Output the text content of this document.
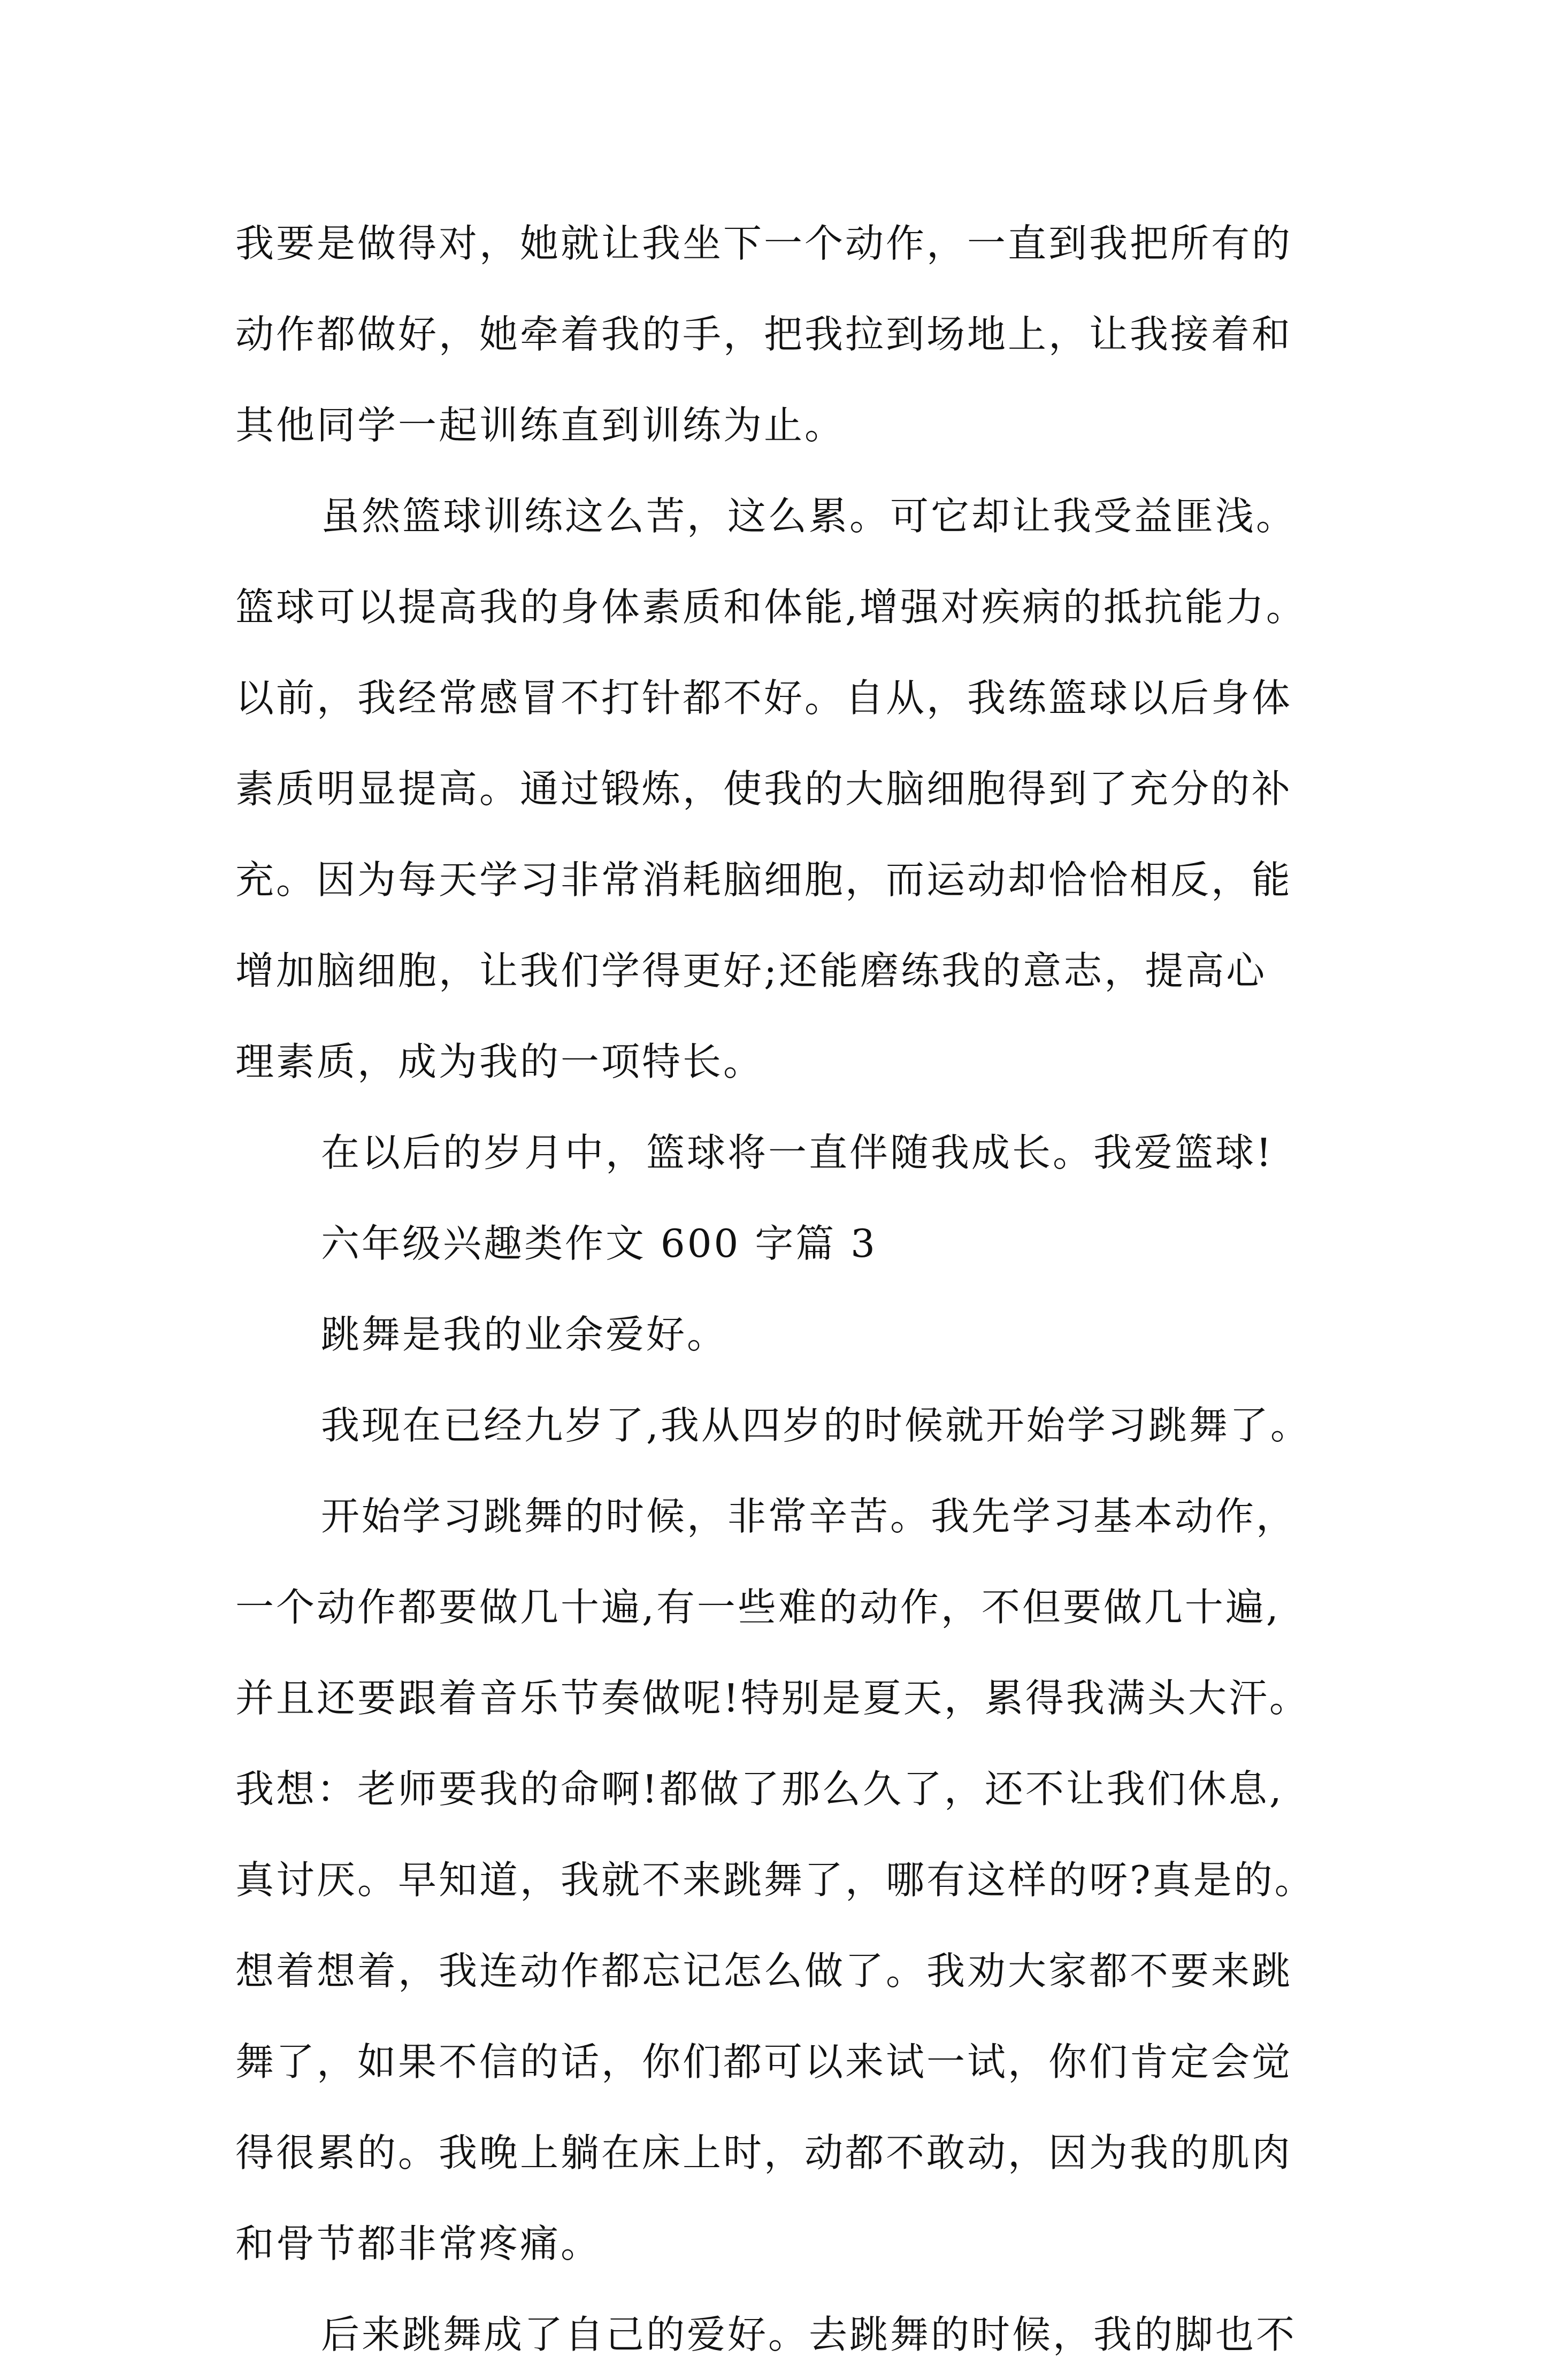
我要是做得对，她就让我坐下一个动作，一直到我把所有的
动作都做好，她牵着我的手，把我拉到场地上，让我接着和
其他同学一起训练直到训练为止。
虽然篮球训练这么苦，这么累。可它却让我受益匪浅。
篮球可以提高我的身体素质和体能,增强对疾病的抵抗能力。
以前，我经常感冒不打针都不好。自从，我练篮球以后身体
素质明显提高。通过锻炼，使我的大脑细胞得到了充分的补
充。因为每天学习非常消耗脑细胞，而运动却恰恰相反，能
增加脑细胞，让我们学得更好;还能磨练我的意志，提高心
理素质，成为我的一项特长。
在以后的岁月中，篮球将一直伴随我成长。我爱篮球!
六年级兴趣类作文 600 字篇 3
跳舞是我的业余爱好。
我现在已经九岁了,我从四岁的时候就开始学习跳舞了。
开始学习跳舞的时候，非常辛苦。我先学习基本动作，
一个动作都要做几十遍,有一些难的动作，不但要做几十遍,
并且还要跟着音乐节奏做呢!特别是夏天，累得我满头大汗。
我想：老师要我的命啊!都做了那么久了，还不让我们休息,
真讨厌。早知道，我就不来跳舞了，哪有这样的呀?真是的。
想着想着，我连动作都忘记怎么做了。我劝大家都不要来跳
舞了，如果不信的话，你们都可以来试一试，你们肯定会觉
得很累的。我晚上躺在床上时，动都不敢动，因为我的肌肉
和骨节都非常疼痛。
后来跳舞成了自己的爱好。去跳舞的时候，我的脚也不
